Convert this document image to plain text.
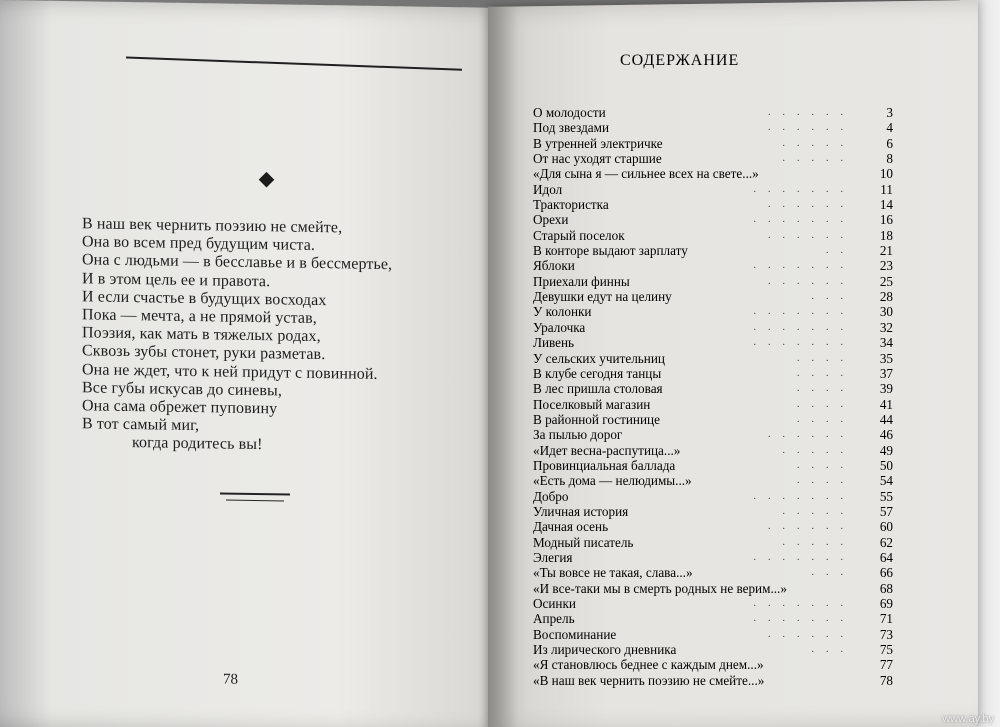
В наш век чернить поэзию не смейте,
Она во всем пред будущим чиста.
Она с людьми — в бесславье и в бессмертье,
И в этом цель ее и правота.
И если счастье в будущих восходах
Пока — мечта, а не прямой устав,
Поэзия, как мать в тяжелых родах,
Сквозь зубы стонет, руки разметав.
Она не ждет, что к ней придут с повинной.
Все губы искусав до синевы,
Она сама обрежет пуповину
В тот самый миг,
когда родитесь вы!
78
СОДЕРЖАНИЕ
О молодости	......	3
Под звездами	......	4
В утренней электричке	.....	6
От нас уходят старшие	.....	8
«Для сына я — сильнее всех на свете...»	10
Идол	.......	11
Трактористка	......	14
Орехи	.......	16
Старый поселок	......	18
В конторе выдают зарплату	..	21
Яблоки	.......	23
Приехали финны	......	25
Девушки едут на целину	...	28
У колонки	.......	30
Уралочка	.......	32
Ливень	.......	34
У сельских учительниц	....	35
В клубе сегодня танцы	....	37
В лес пришла столовая	....	39
Поселковый магазин	....	41
В районной гостинице	....	44
За пылью дорог	......	46
«Идет весна-распутица...»	.....	49
Провинциальная баллада	....	50
«Есть дома — нелюдимы...»	....	54
Добро	.......	55
Уличная история	.....	57
Дачная осень	......	60
Модный писатель	.....	62
Элегия	.......	64
«Ты вовсе не такая, слава...»	...	66
«И все-таки мы в смерть родных не верим...»	68
Осинки	.......	69
Апрель	.......	71
Воспоминание	......	73
Из лирического дневника	...	75
«Я становлюсь беднее с каждым днем...»	77
«В наш век чернить поэзию не смейте...»	78
www.ay.by
